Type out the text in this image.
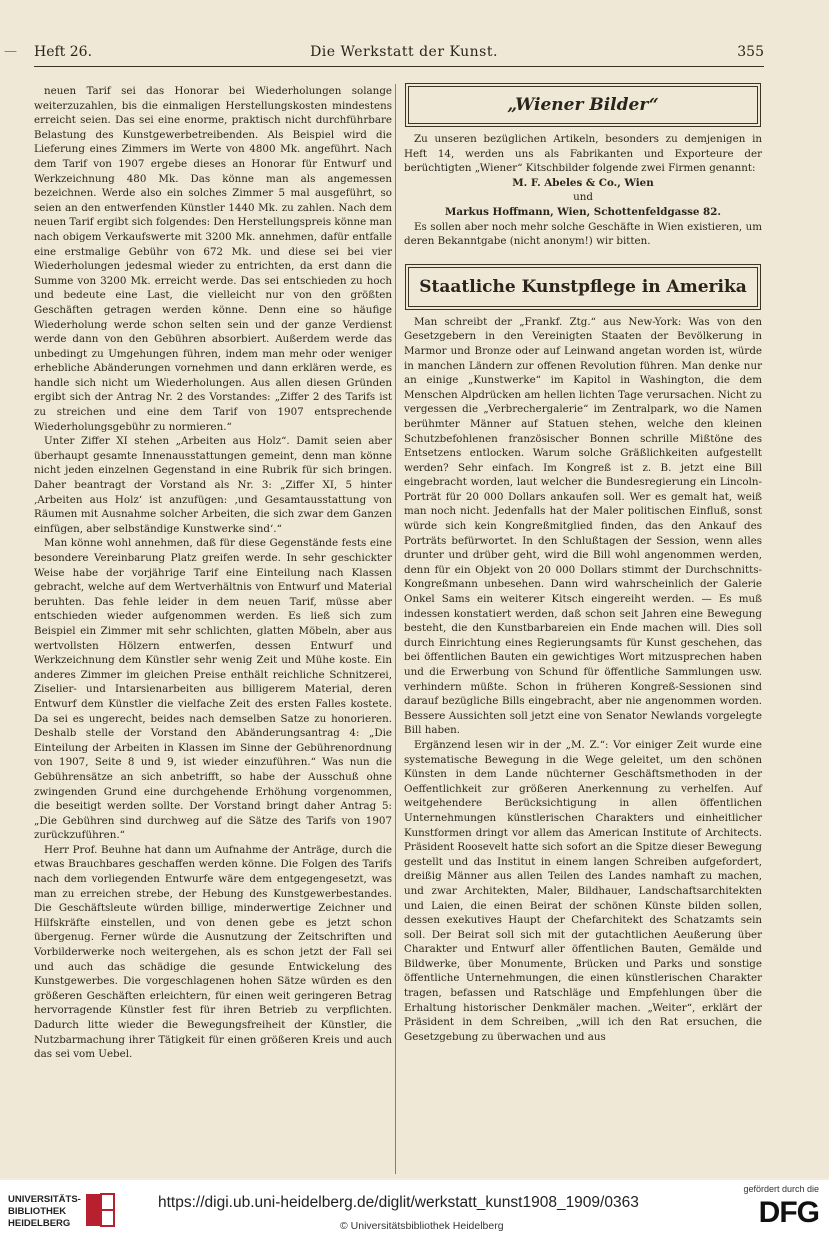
— Heft 26.	Die Werkstatt der Kunst.	355

neuen Tarif sei das Honorar bei Wiederholungen solange weiterzuzahlen, bis die einmaligen Herstellungskosten mindestens erreicht seien. Das sei eine enorme, praktisch nicht durchführbare Belastung des Kunstgewerbetreibenden. Als Beispiel wird die Lieferung eines Zimmers im Werte von 4800 Mk. angeführt. Nach dem Tarif von 1907 ergebe dieses an Honorar für Entwurf und Werkzeichnung 480 Mk. Das könne man als angemessen bezeichnen. Werde also ein solches Zimmer 5 mal ausgeführt, so seien an den entwerfenden Künstler 1440 Mk. zu zahlen. Nach dem neuen Tarif ergibt sich folgendes: Den Herstellungspreis könne man nach obigem Verkaufswerte mit 3200 Mk. annehmen, dafür entfalle eine erstmalige Gebühr von 672 Mk. und diese sei bei vier Wiederholungen jedesmal wieder zu entrichten, da erst dann die Summe von 3200 Mk. erreicht werde. Das sei entschieden zu hoch und bedeute eine Last, die vielleicht nur von den größten Geschäften getragen werden könne. Denn eine so häufige Wiederholung werde schon selten sein und der ganze Verdienst werde dann von den Gebühren absorbiert. Außerdem werde das unbedingt zu Umgehungen führen, indem man mehr oder weniger erhebliche Abänderungen vornehmen und dann erklären werde, es handle sich nicht um Wiederholungen. Aus allen diesen Gründen ergibt sich der Antrag Nr. 2 des Vorstandes: „Ziffer 2 des Tarifs ist zu streichen und eine dem Tarif von 1907 entsprechende Wiederholungsgebühr zu normieren.“

Unter Ziffer XI stehen „Arbeiten aus Holz“. Damit seien aber überhaupt gesamte Innenausstattungen gemeint, denn man könne nicht jeden einzelnen Gegenstand in eine Rubrik für sich bringen. Daher beantragt der Vorstand als Nr. 3: „Ziffer XI, 5 hinter ‚Arbeiten aus Holz‘ ist anzufügen: ‚und Gesamtausstattung von Räumen mit Ausnahme solcher Arbeiten, die sich zwar dem Ganzen einfügen, aber selbständige Kunstwerke sind‘.“

Man könne wohl annehmen, daß für diese Gegenstände fests eine besondere Vereinbarung Platz greifen werde. In sehr geschickter Weise habe der vorjährige Tarif eine Einteilung nach Klassen gebracht, welche auf dem Wertverhältnis von Entwurf und Material beruhten. Das fehle leider in dem neuen Tarif, müsse aber entschieden wieder aufgenommen werden. Es ließ sich zum Beispiel ein Zimmer mit sehr schlichten, glatten Möbeln, aber aus wertvollsten Hölzern entwerfen, dessen Entwurf und Werkzeichnung dem Künstler sehr wenig Zeit und Mühe koste. Ein anderes Zimmer im gleichen Preise enthält reichliche Schnitzerei, Ziselier- und Intarsienarbeiten aus billigerem Material, deren Entwurf dem Künstler die vielfache Zeit des ersten Falles kostete. Da sei es ungerecht, beides nach demselben Satze zu honorieren. Deshalb stelle der Vorstand den Abänderungsantrag 4: „Die Einteilung der Arbeiten in Klassen im Sinne der Gebührenordnung von 1907, Seite 8 und 9, ist wieder einzuführen.“ Was nun die Gebührensätze an sich anbetrifft, so habe der Ausschuß ohne zwingenden Grund eine durchgehende Erhöhung vorgenommen, die beseitigt werden sollte. Der Vorstand bringt daher Antrag 5: „Die Gebühren sind durchweg auf die Sätze des Tarifs von 1907 zurückzuführen.“

Herr Prof. Beuhne hat dann um Aufnahme der Anträge, durch die etwas Brauchbares geschaffen werden könne. Die Folgen des Tarifs nach dem vorliegenden Entwurfe wäre dem entgegengesetzt, was man zu erreichen strebe, der Hebung des Kunstgewerbestandes. Die Geschäftsleute würden billige, minderwertige Zeichner und Hilfskräfte einstellen, und von denen gebe es jetzt schon übergenug. Ferner würde die Ausnutzung der Zeitschriften und Vorbilderwerke noch weitergehen, als es schon jetzt der Fall sei und auch das schädige die gesunde Entwickelung des Kunstgewerbes. Die vorgeschlagenen hohen Sätze würden es den größeren Geschäften erleichtern, für einen weit geringeren Betrag hervorragende Künstler fest für ihren Betrieb zu verpflichten. Dadurch litte wieder die Bewegungsfreiheit der Künstler, die Nutzbarmachung ihrer Tätigkeit für einen größeren Kreis und auch das sei vom Uebel.

„Wiener Bilder“

Zu unseren bezüglichen Artikeln, besonders zu demjenigen in Heft 14, werden uns als Fabrikanten und Exporteure der berüchtigten „Wiener“ Kitschbilder folgende zwei Firmen genannt:

M. F. Abeles & Co., Wien

und

Markus Hoffmann, Wien, Schottenfeldgasse 82.

Es sollen aber noch mehr solche Geschäfte in Wien existieren, um deren Bekanntgabe (nicht anonym!) wir bitten.

Staatliche Kunstpflege in Amerika

Man schreibt der „Frankf. Ztg.“ aus New-York: Was von den Gesetzgebern in den Vereinigten Staaten der Bevölkerung in Marmor und Bronze oder auf Leinwand angetan worden ist, würde in manchen Ländern zur offenen Revolution führen. Man denke nur an einige „Kunstwerke“ im Kapitol in Washington, die dem Menschen Alpdrücken am hellen lichten Tage verursachen. Nicht zu vergessen die „Verbrechergalerie“ im Zentralpark, wo die Namen berühmter Männer auf Statuen stehen, welche den kleinen Schutzbefohlenen französischer Bonnen schrille Mißtöne des Entsetzens entlocken. Warum solche Gräßlichkeiten aufgestellt werden? Sehr einfach. Im Kongreß ist z. B. jetzt eine Bill eingebracht worden, laut welcher die Bundesregierung ein Lincoln-Porträt für 20 000 Dollars ankaufen soll. Wer es gemalt hat, weiß man noch nicht. Jedenfalls hat der Maler politischen Einfluß, sonst würde sich kein Kongreßmitglied finden, das den Ankauf des Porträts befürwortet. In den Schlußtagen der Session, wenn alles drunter und drüber geht, wird die Bill wohl angenommen werden, denn für ein Objekt von 20 000 Dollars stimmt der Durchschnitts-Kongreßmann unbesehen. Dann wird wahrscheinlich der Galerie Onkel Sams ein weiterer Kitsch eingereiht werden. — Es muß indessen konstatiert werden, daß schon seit Jahren eine Bewegung besteht, die den Kunstbarbareien ein Ende machen will. Dies soll durch Einrichtung eines Regierungsamts für Kunst geschehen, das bei öffentlichen Bauten ein gewichtiges Wort mitzusprechen haben und die Erwerbung von Schund für öffentliche Sammlungen usw. verhindern müßte. Schon in früheren Kongreß-Sessionen sind darauf bezügliche Bills eingebracht, aber nie angenommen worden. Bessere Aussichten soll jetzt eine von Senator Newlands vorgelegte Bill haben.

Ergänzend lesen wir in der „M. Z.“: Vor einiger Zeit wurde eine systematische Bewegung in die Wege geleitet, um den schönen Künsten in dem Lande nüchterner Geschäftsmethoden in der Oeffentlichkeit zur größeren Anerkennung zu verhelfen. Auf weitgehendere Berücksichtigung in allen öffentlichen Unternehmungen künstlerischen Charakters und einheitlicher Kunstformen dringt vor allem das American Institute of Architects. Präsident Roosevelt hatte sich sofort an die Spitze dieser Bewegung gestellt und das Institut in einem langen Schreiben aufgefordert, dreißig Männer aus allen Teilen des Landes namhaft zu machen, und zwar Architekten, Maler, Bildhauer, Landschaftsarchitekten und Laien, die einen Beirat der schönen Künste bilden sollen, dessen exekutives Haupt der Chefarchitekt des Schatzamts sein soll. Der Beirat soll sich mit der gutachtlichen Aeußerung über Charakter und Entwurf aller öffentlichen Bauten, Gemälde und Bildwerke, über Monumente, Brücken und Parks und sonstige öffentliche Unternehmungen, die einen künstlerischen Charakter tragen, befassen und Ratschläge und Empfehlungen über die Erhaltung historischer Denkmäler machen. „Weiter“, erklärt der Präsident in dem Schreiben, „will ich den Rat ersuchen, die Gesetzgebung zu überwachen und aus

UNIVERSITÄTS-
BIBLIOTHEK
HEIDELBERG
https://digi.ub.uni-heidelberg.de/diglit/werkstatt_kunst1908_1909/0363
© Universitätsbibliothek Heidelberg
gefördert durch die
DFG
